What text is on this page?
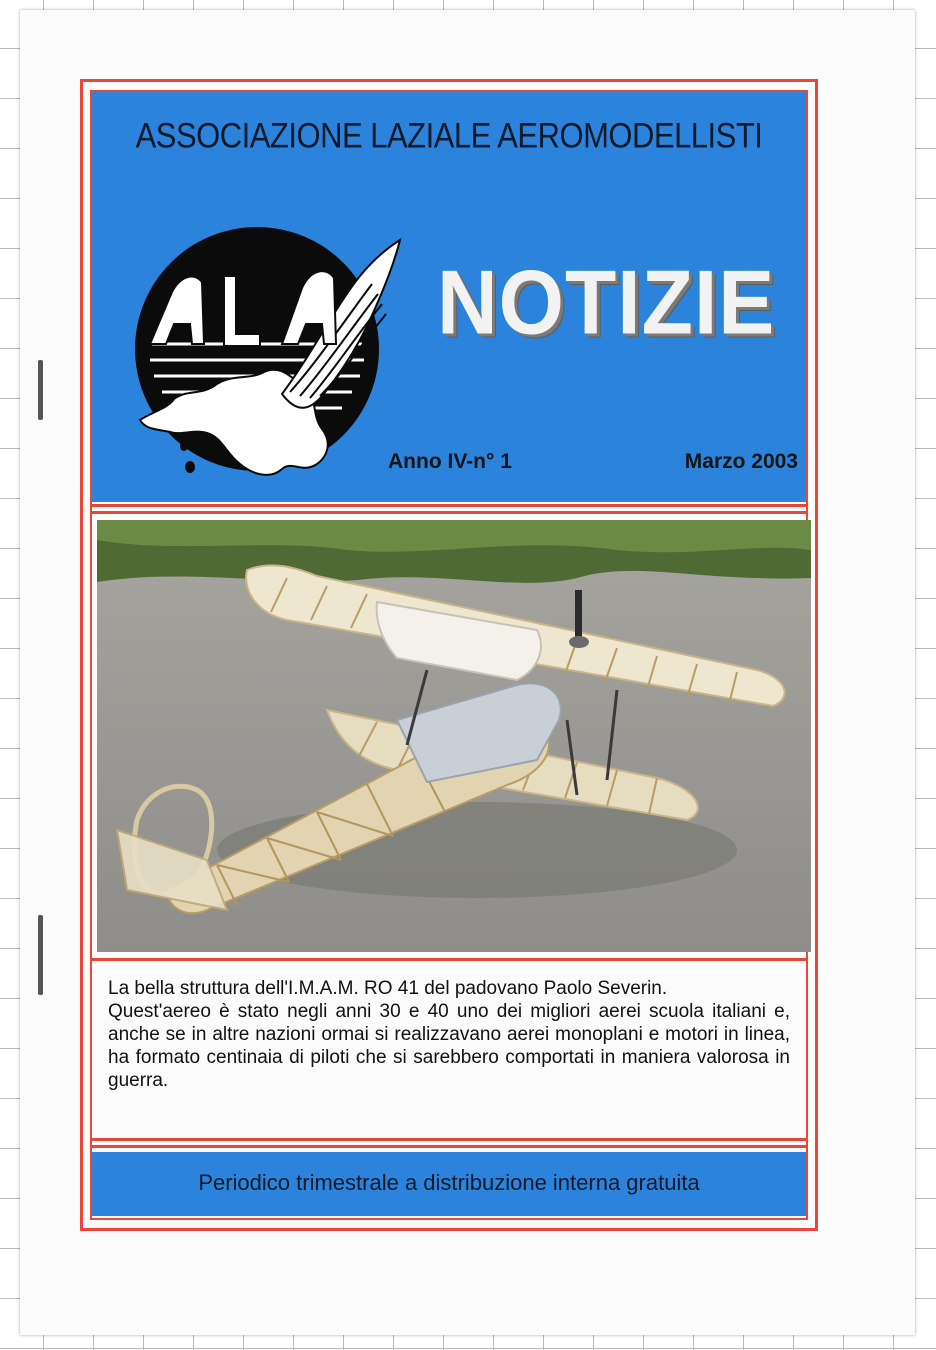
ASSOCIAZIONE LAZIALE AEROMODELLISTI
NOTIZIE
Anno IV-n° 1	Marzo 2003

La bella struttura dell'I.M.A.M. RO 41 del padovano Paolo Severin.

Quest'aereo è stato negli anni 30 e 40 uno dei migliori aerei scuola italiani e, anche se in altre nazioni ormai si realizzavano aerei monoplani e motori in linea, ha formato centinaia di piloti che si sarebbero comportati in maniera valorosa in guerra.

Periodico trimestrale a distribuzione interna gratuita
